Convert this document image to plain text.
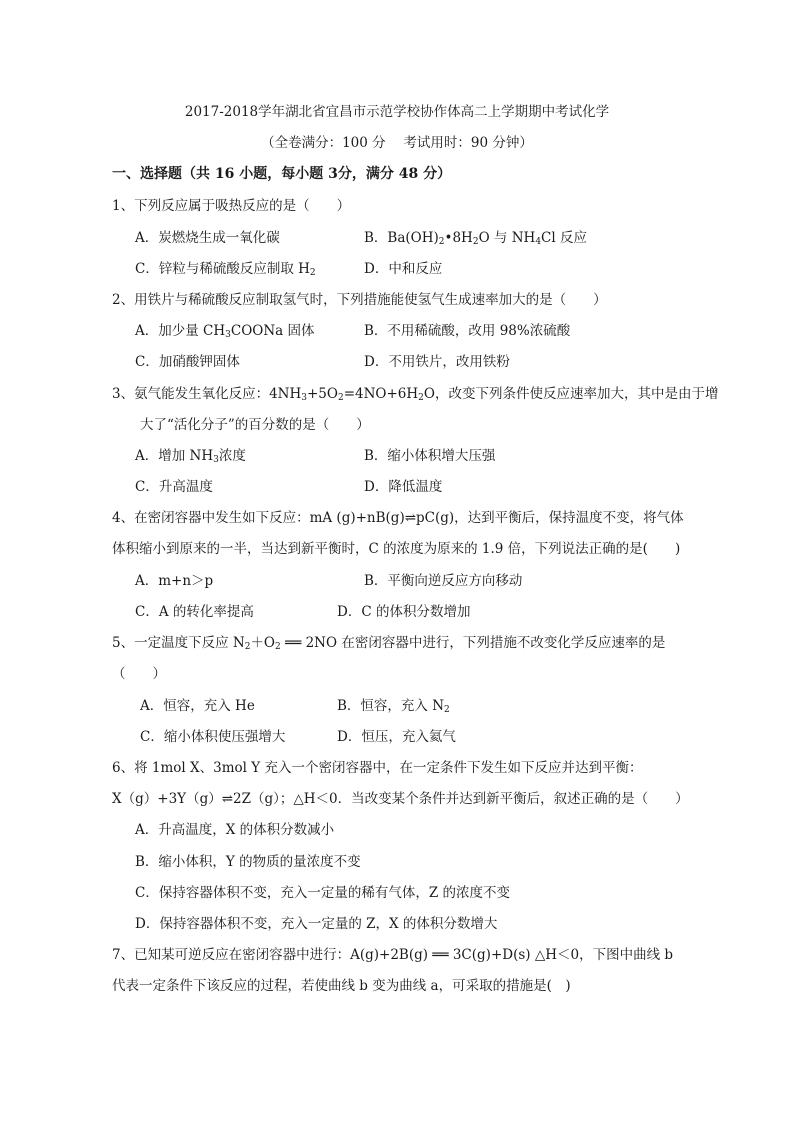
2017-2018学年湖北省宜昌市示范学校协作体高二上学期期中考试化学
（全卷满分：100 分　 考试用时：90 分钟）
一、选择题（共 16 小题，每小题 3分，满分 48 分）
1、下列反应属于吸热反应的是（　　）
A．炭燃烧生成一氧化碳	B．$Ba(OH)_2•8H_2O$ 与 $NH_4Cl$ 反应
C．锌粒与稀硫酸反应制取 $H_2$	D．中和反应
2、用铁片与稀硫酸反应制取氢气时，下列措施能使氢气生成速率加大的是（　　）
A．加少量 $CH_3COONa$ 固体	B．不用稀硫酸，改用 98%浓硫酸
C．加硝酸钾固体	D．不用铁片，改用铁粉
3、氨气能发生氧化反应：$4NH_3+5O_2=4NO+6H_2O$，改变下列条件使反应速率加大，其中是由于增
大了“活化分子”的百分数的是（　　）
A．增加 $NH_3$浓度	B．缩小体积增大压强
C．升高温度	D．降低温度
4、在密闭容器中发生如下反应：mA (g)+nB(g)⇌pC(g)，达到平衡后，保持温度不变，将气体
体积缩小到原来的一半，当达到新平衡时，C 的浓度为原来的 1.9 倍，下列说法正确的是(　　)
A．m+n＞p	B．平衡向逆反应方向移动
C．A 的转化率提高	D．C 的体积分数增加
5、一定温度下反应 $N_2+O_2$ ══ 2NO 在密闭容器中进行，下列措施不改变化学反应速率的是
（　　）
A．恒容，充入 He	B．恒容，充入 $N_2$
C．缩小体积使压强增大	D．恒压，充入氦气
6、将 1mol X、3mol Y 充入一个密闭容器中，在一定条件下发生如下反应并达到平衡：
X（g）+3Y（g）⇌2Z（g）；△H＜0．当改变某个条件并达到新平衡后，叙述正确的是（　　）
A．升高温度，X 的体积分数减小
B．缩小体积，Y 的物质的量浓度不变
C．保持容器体积不变，充入一定量的稀有气体，Z 的浓度不变
D．保持容器体积不变，充入一定量的 Z，X 的体积分数增大
7、已知某可逆反应在密闭容器中进行：A(g)+2B(g) ══ 3C(g)+D(s) △H＜0，下图中曲线 b
代表一定条件下该反应的过程，若使曲线 b 变为曲线 a，可采取的措施是(　)
